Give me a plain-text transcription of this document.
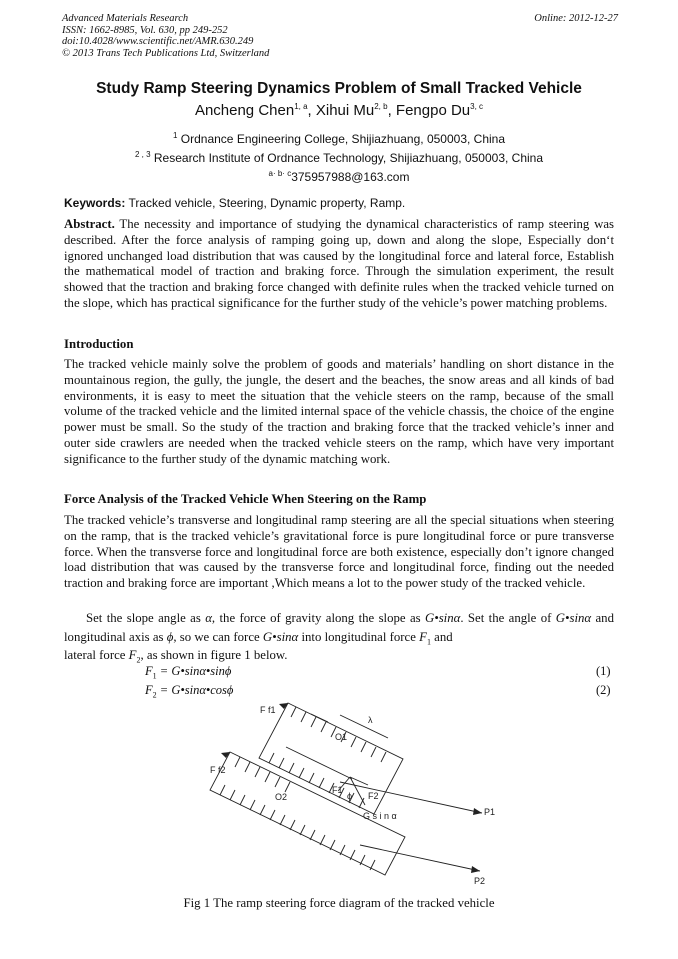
Advanced Materials Research
ISSN: 1662-8985, Vol. 630, pp 249-252
doi:10.4028/www.scientific.net/AMR.630.249
© 2013 Trans Tech Publications Ltd, Switzerland
Online: 2012-12-27
Study Ramp Steering Dynamics Problem of Small Tracked Vehicle
Ancheng Chen$^{1, a}$, Xihui Mu$^{2, b}$, Fengpo Du$^{3, c}$
$^1$ Ordnance Engineering College, Shijiazhuang, 050003, China
$^{2 , 3}$ Research Institute of Ordnance Technology, Shijiazhuang, 050003, China
$^{a\cdot b\cdot c}$375957988@163.com
Keywords: Tracked vehicle, Steering, Dynamic property, Ramp.
Abstract. The necessity and importance of studying the dynamical characteristics of ramp steering was described. After the force analysis of ramping going up, down and along the slope, Especially don‘t ignored unchanged load distribution that was caused by the longitudinal force and lateral force, Establish the mathematical model of traction and braking force. Through the simulation experiment, the result showed that the traction and braking force changed with definite rules when the tracked vehicle turned on the slope, which has practical significance for the further study of the vehicle’s power matching problems.
Introduction
The tracked vehicle mainly solve the problem of goods and materials’ handling on short distance in the mountainous region, the gully, the jungle, the desert and the beaches, the snow areas and all kinds of bad environments, it is easy to meet the situation that the vehicle steers on the ramp, because of the small volume of the tracked vehicle and the limited internal space of the vehicle chassis, the choice of the engine power must be small. So the study of the traction and braking force that the tracked vehicle’s inner and outer side crawlers are needed when the tracked vehicle steers on the ramp, which have very important significance to the further study of the dynamic matching work.
Force Analysis of the Tracked Vehicle When Steering on the Ramp
The tracked vehicle’s transverse and longitudinal ramp steering are all the special situations when steering on the ramp, that is the tracked vehicle’s gravitational force is pure longitudinal force or pure transverse force. When the transverse force and longitudinal force are both existence, especially don’t ignore changed load distribution that was caused by the transverse force and longitudinal force, finding out the needed traction and braking force are important ,Which means a lot to the power study of the tracked vehicle.
Set the slope angle as α, the force of gravity along the slope as G•sinα. Set the angle of G•sinα and longitudinal axis as ϕ, so we can force G•sinα into longitudinal force $F_1$ and
lateral force $F_2$, as shown in figure 1 below.
$F_1$ = G•sinα•sinϕ	(1)
$F_2$ = G•sinα•cosϕ	(2)
F f1
F f2
O1
O2
λ
F1
ϕ F2
G s i n α	P1
P2
Fig 1 The ramp steering force diagram of the tracked vehicle
